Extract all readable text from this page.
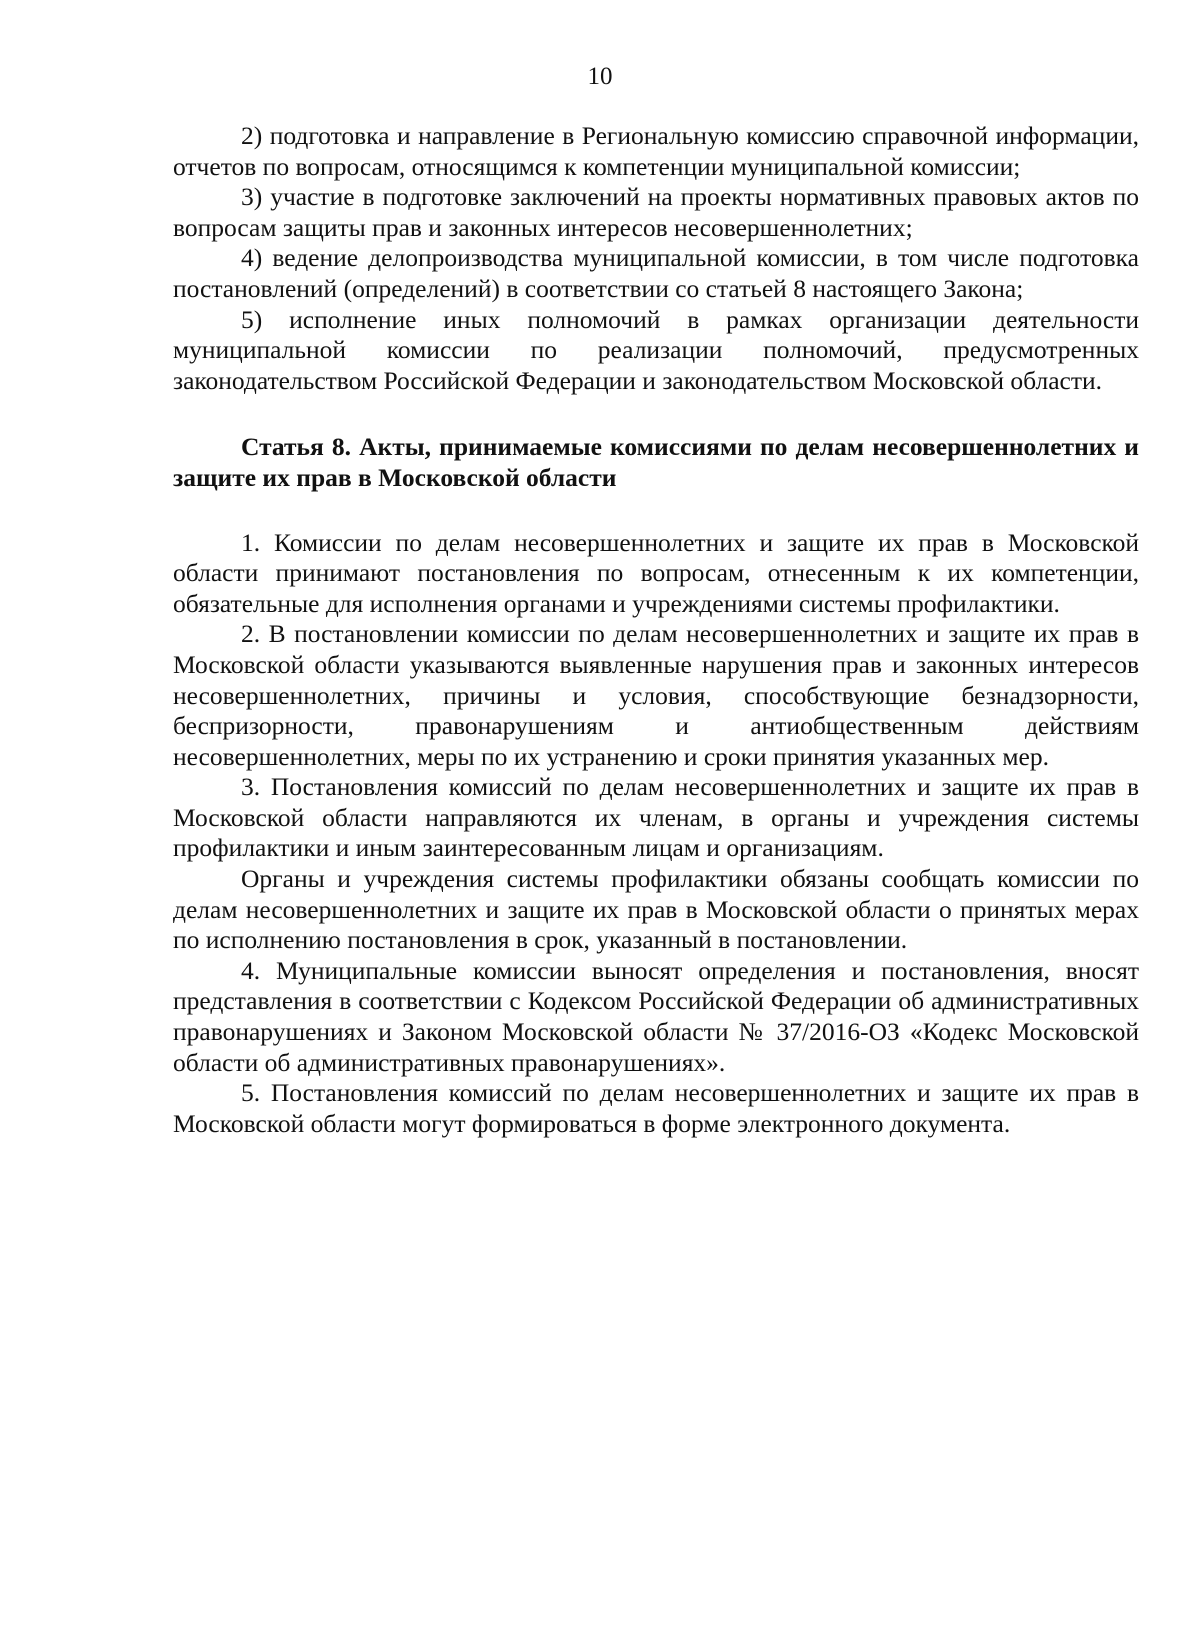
10

2) подготовка и направление в Региональную комиссию справочной информации, отчетов по вопросам, относящимся к компетенции муниципальной комиссии;

3) участие в подготовке заключений на проекты нормативных правовых актов по вопросам защиты прав и законных интересов несовершеннолетних;

4) ведение делопроизводства муниципальной комиссии, в том числе подготовка постановлений (определений) в соответствии со статьей 8 настоящего Закона;

5) исполнение иных полномочий в рамках организации деятельности муниципальной комиссии по реализации полномочий, предусмотренных законодательством Российской Федерации и законодательством Московской области.

Статья 8. Акты, принимаемые комиссиями по делам несовершеннолетних и защите их прав в Московской области

1. Комиссии по делам несовершеннолетних и защите их прав в Московской области принимают постановления по вопросам, отнесенным к их компетенции, обязательные для исполнения органами и учреждениями системы профилактики.

2. В постановлении комиссии по делам несовершеннолетних и защите их прав в Московской области указываются выявленные нарушения прав и законных интересов несовершеннолетних, причины и условия, способствующие безнадзорности, беспризорности, правонарушениям и антиобщественным действиям несовершеннолетних, меры по их устранению и сроки принятия указанных мер.

3. Постановления комиссий по делам несовершеннолетних и защите их прав в Московской области направляются их членам, в органы и учреждения системы профилактики и иным заинтересованным лицам и организациям.

Органы и учреждения системы профилактики обязаны сообщать комиссии по делам несовершеннолетних и защите их прав в Московской области о принятых мерах по исполнению постановления в срок, указанный в постановлении.

4. Муниципальные комиссии выносят определения и постановления, вносят представления в соответствии с Кодексом Российской Федерации об административных правонарушениях и Законом Московской области № 37/2016-ОЗ «Кодекс Московской области об административных правонарушениях».

5. Постановления комиссий по делам несовершеннолетних и защите их прав в Московской области могут формироваться в форме электронного документа.
